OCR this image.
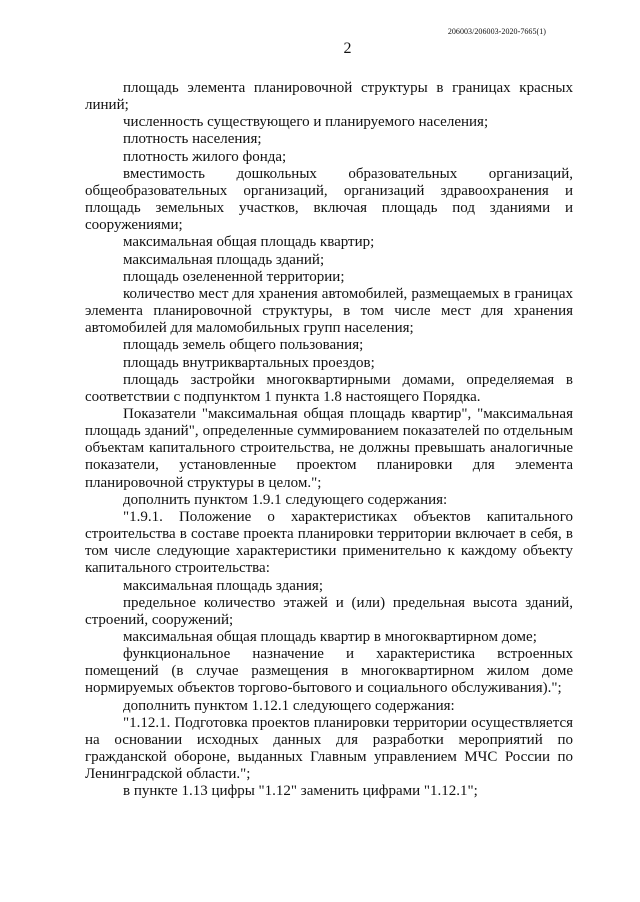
206003/206003-2020-7665(1)
2

площадь элемента планировочной структуры в границах красных линий;

численность существующего и планируемого населения;

плотность населения;

плотность жилого фонда;

вместимость дошкольных образовательных организаций, общеобразовательных организаций, организаций здравоохранения и площадь земельных участков, включая площадь под зданиями и сооружениями;

максимальная общая площадь квартир;

максимальная площадь зданий;

площадь озелененной территории;

количество мест для хранения автомобилей, размещаемых в границах элемента планировочной структуры, в том числе мест для хранения автомобилей для маломобильных групп населения;

площадь земель общего пользования;

площадь внутриквартальных проездов;

площадь застройки многоквартирными домами, определяемая в соответствии с подпунктом 1 пункта 1.8 настоящего Порядка.

Показатели "максимальная общая площадь квартир", "максимальная площадь зданий", определенные суммированием показателей по отдельным объектам капитального строительства, не должны превышать аналогичные показатели, установленные проектом планировки для элемента планировочной структуры в целом.";

дополнить пунктом 1.9.1 следующего содержания:

"1.9.1. Положение о характеристиках объектов капитального строительства в составе проекта планировки территории включает в себя, в том числе следующие характеристики применительно к каждому объекту капитального строительства:

максимальная площадь здания;

предельное количество этажей и (или) предельная высота зданий, строений, сооружений;

максимальная общая площадь квартир в многоквартирном доме;

функциональное назначение и характеристика встроенных помещений (в случае размещения в многоквартирном жилом доме нормируемых объектов торгово-бытового и социального обслуживания).";

дополнить пунктом 1.12.1 следующего содержания:

"1.12.1. Подготовка проектов планировки территории осуществляется на основании исходных данных для разработки мероприятий по гражданской обороне, выданных Главным управлением МЧС России по Ленинградской области.";

в пункте 1.13 цифры "1.12" заменить цифрами "1.12.1";
